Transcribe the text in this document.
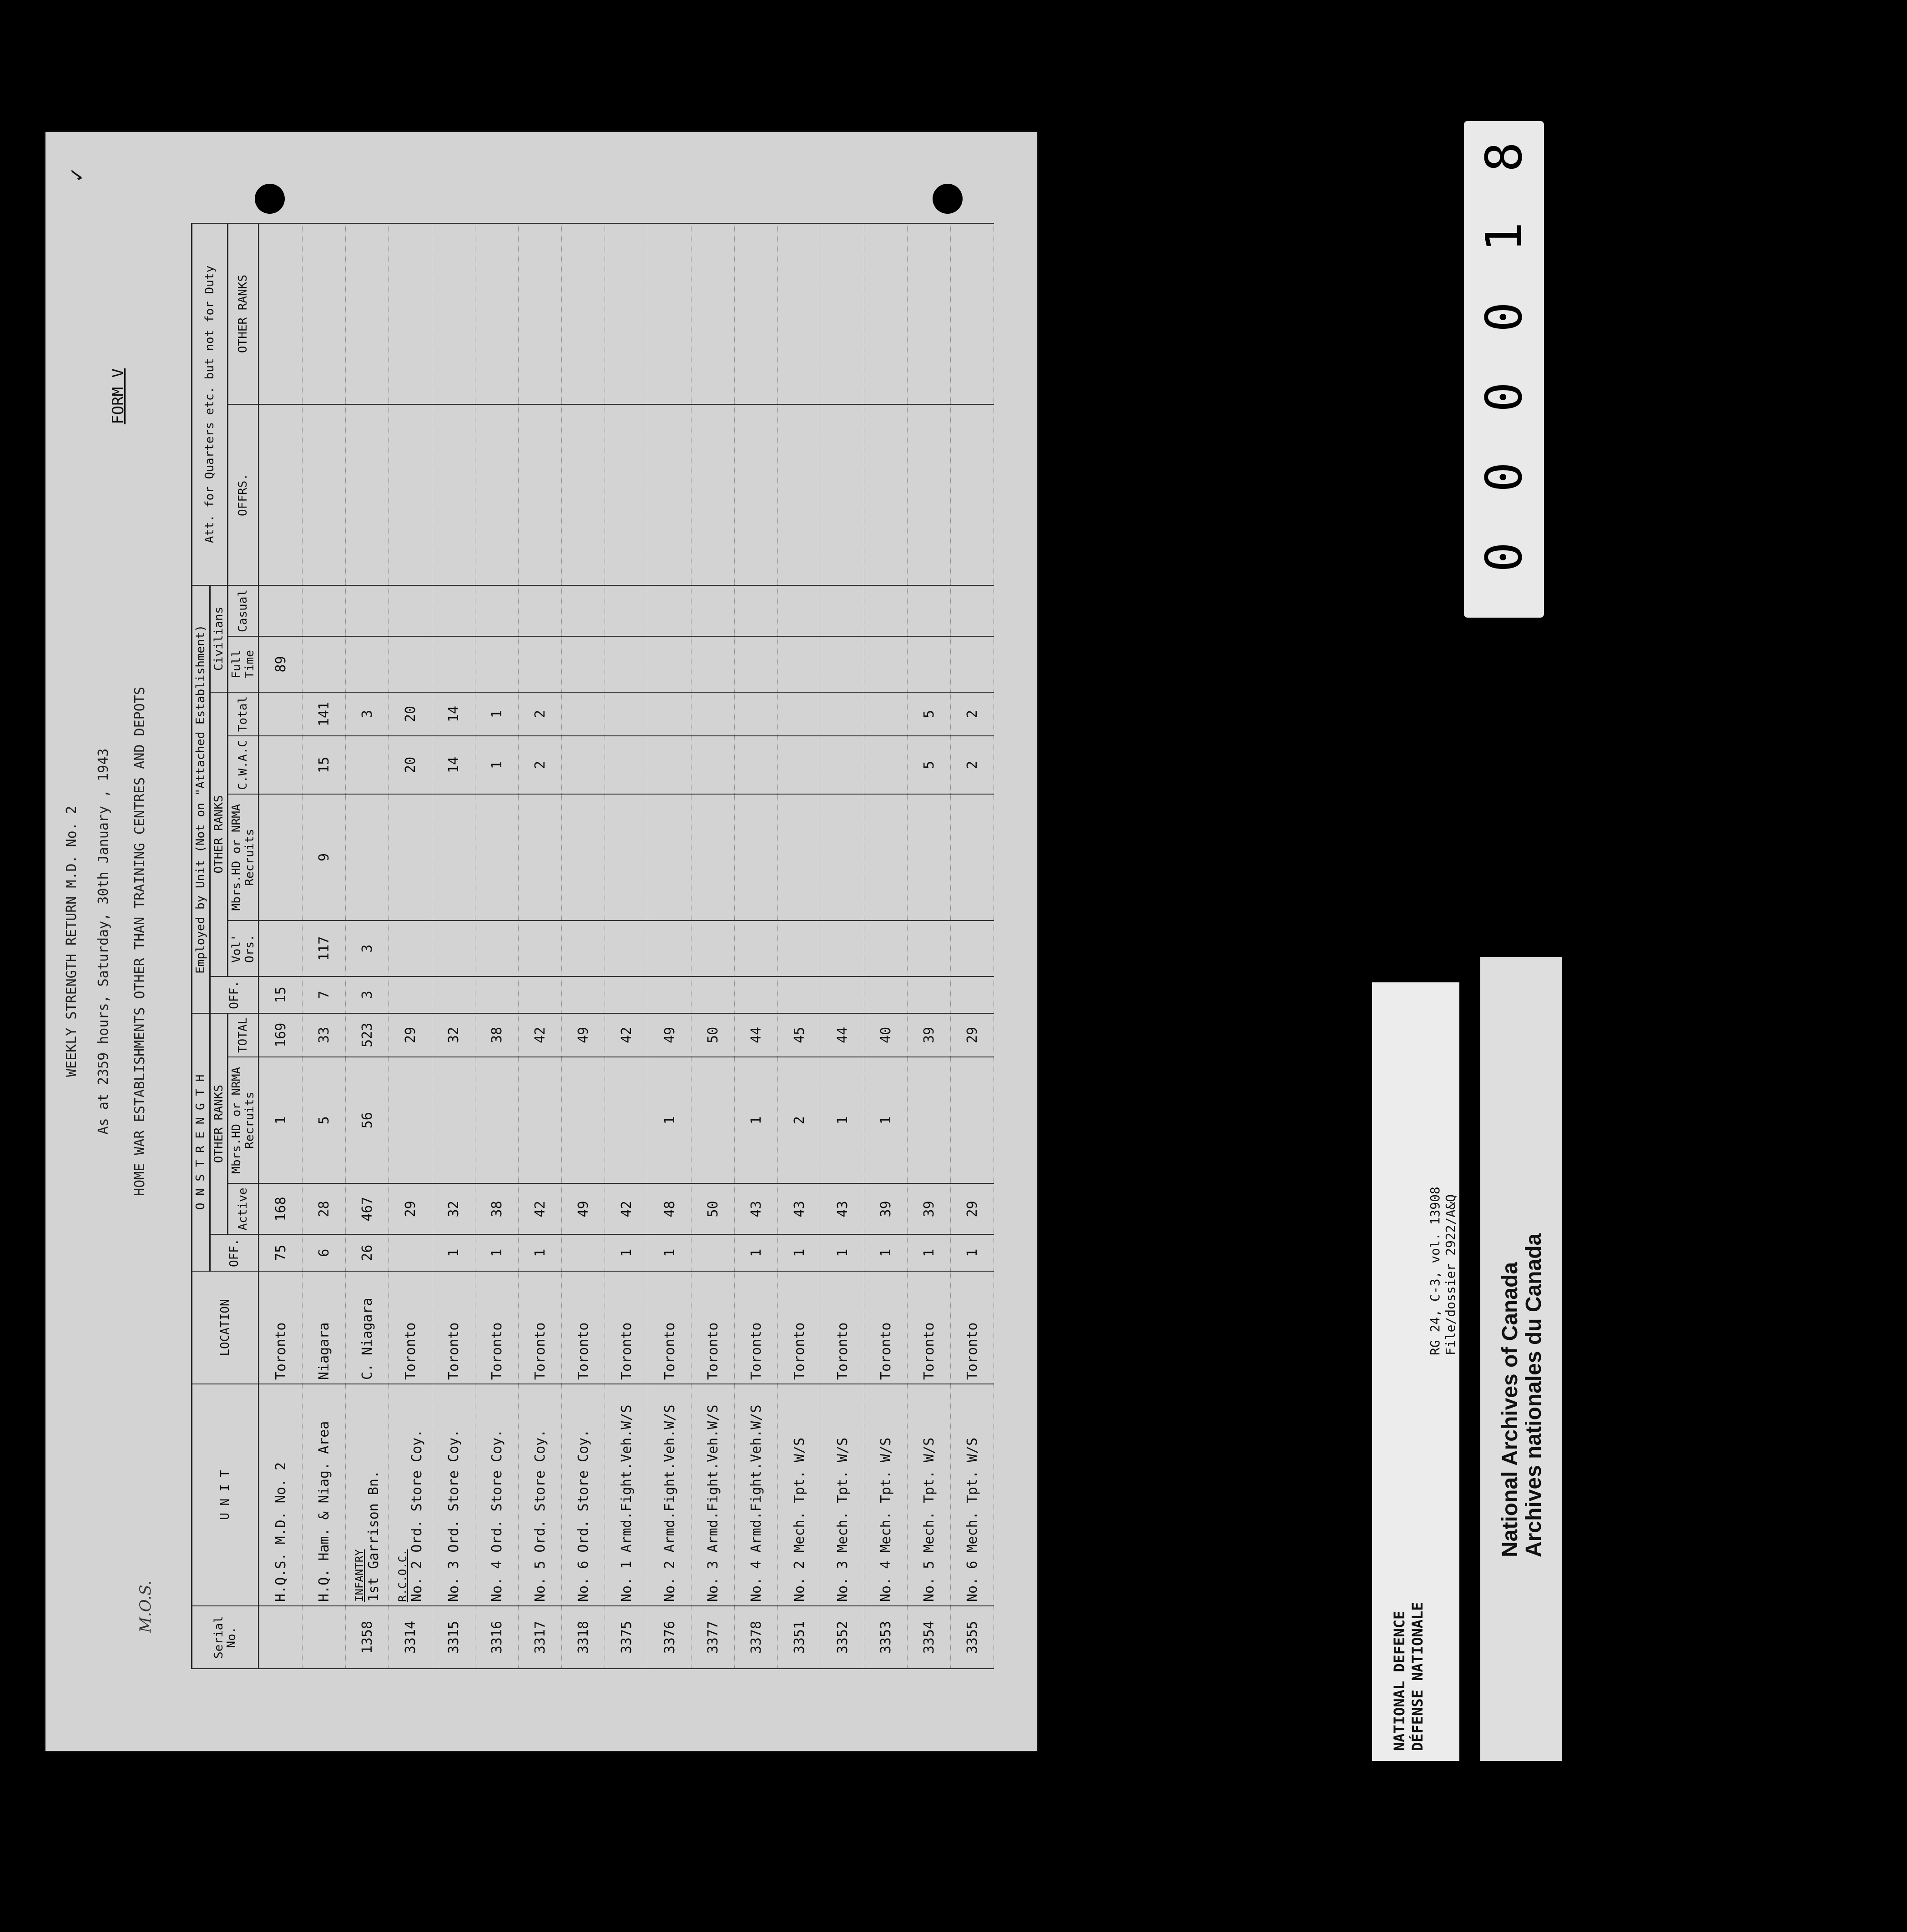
✓
M.O.S.
WEEKLY STRENGTH RETURN M.D. No. 2 As at 2359 hours, Saturday, 30th January , 1943 HOME WAR ESTABLISHMENTS OTHER THAN TRAINING CENTRES AND DEPOTS
FORM V
Serial No.	U N I T	LOCATION	O N S T R E N G T H				Employed by Unit (Not on "Attached Establishment)							Att. for Quarters etc. but not for Duty	
			OFF.	OTHER RANKS			OFF.	OTHER RANKS				Civilians			
				Active	Mbrs.HD or NRMA Recruits	TOTAL		Vol' Ors.	Mbrs.HD or NRMA Recruits	C.W.A.C	Total	Full Time	Casual	OFFRS.	OTHER RANKS
	H.Q.S. M.D. No. 2	Toronto	75	168	1	169	15					89			
	H.Q. Ham. & Niag. Area	Niagara	6	28	5	33	7	117	9	15	141				
1358	INFANTRY 1st Garrison Bn.	C. Niagara	26	467	56	523	3	3			3				
3314	R.C.O.C. No. 2 Ord. Store Coy.	Toronto		29		29				20	20				
3315	No. 3 Ord. Store Coy.	Toronto	1	32		32				14	14				
3316	No. 4 Ord. Store Coy.	Toronto	1	38		38				1	1				
3317	No. 5 Ord. Store Coy.	Toronto	1	42		42				2	2				
3318	No. 6 Ord. Store Coy.	Toronto		49		49									
3375	No. 1 Armd.Fight.Veh.W/S	Toronto	1	42		42									
3376	No. 2 Armd.Fight.Veh.W/S	Toronto	1	48	1	49									
3377	No. 3 Armd.Fight.Veh.W/S	Toronto		50		50									
3378	No. 4 Armd.Fight.Veh.W/S	Toronto	1	43	1	44									
3351	No. 2 Mech. Tpt. W/S	Toronto	1	43	2	45									
3352	No. 3 Mech. Tpt. W/S	Toronto	1	43	1	44									
3353	No. 4 Mech. Tpt. W/S	Toronto	1	39	1	40									
3354	No. 5 Mech. Tpt. W/S	Toronto	1	39		39				5	5				
3355	No. 6 Mech. Tpt. W/S	Toronto	1	29		29				2	2				
0
0
0
0
1
8
NATIONAL DEFENCE DÉFENSE NATIONALE
RG 24, C-3, vol. 13908 File/dossier 2922/A&Q National Archives of Canada Archives nationales du Canada
